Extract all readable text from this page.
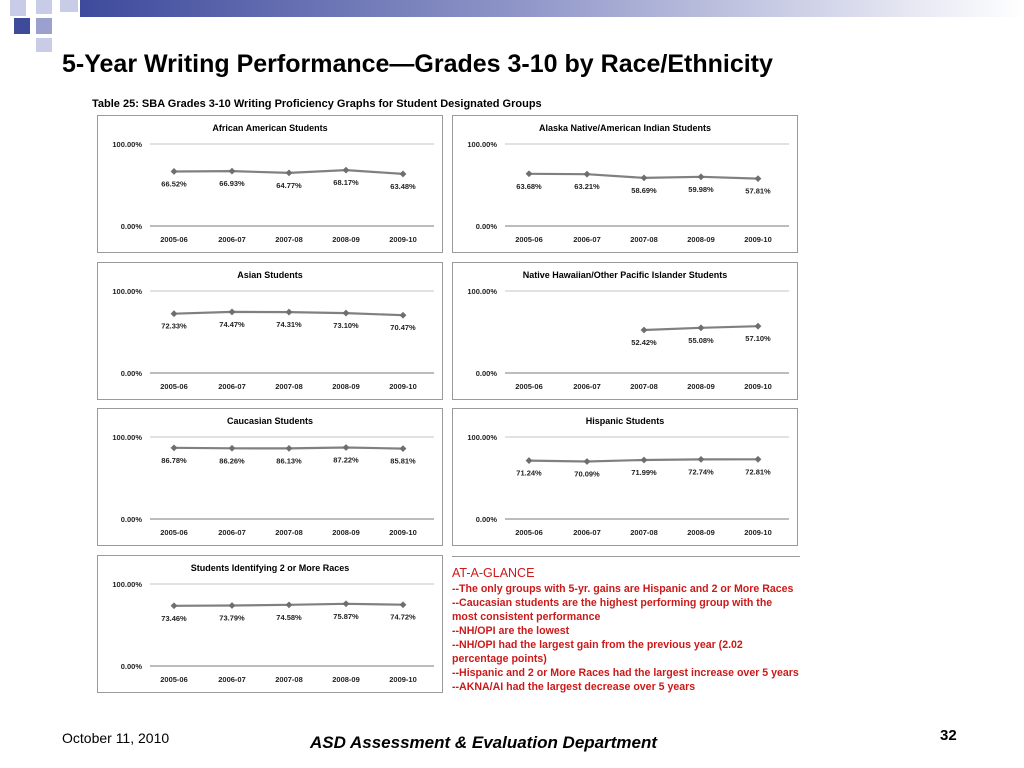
5-Year Writing Performance—Grades 3-10 by Race/Ethnicity
Table 25: SBA Grades 3-10 Writing Proficiency Graphs for Student Designated Groups
African American Students
100.00%
0.00%
2005-06	2006-07	2007-08	2008-09	2009-10
66.52%	66.93%	64.77%	68.17%	63.48%
Alaska Native/American Indian Students
100.00%
0.00%
2005-06	2006-07	2007-08	2008-09	2009-10
63.68%	63.21%	58.69%	59.98%	57.81%
Asian Students
100.00%
0.00%
2005-06	2006-07	2007-08	2008-09	2009-10
72.33%	74.47%	74.31%	73.10%	70.47%
Native Hawaiian/Other Pacific Islander Students
100.00%
0.00%
2005-06	2006-07	2007-08	2008-09	2009-10
52.42%	55.08%	57.10%
Caucasian Students
100.00%
0.00%
2005-06	2006-07	2007-08	2008-09	2009-10
86.78%	86.26%	86.13%	87.22%	85.81%
Hispanic Students
100.00%
0.00%
2005-06	2006-07	2007-08	2008-09	2009-10
71.24%	70.09%	71.99%	72.74%	72.81%
Students Identifying 2 or More Races
100.00%
0.00%
2005-06	2006-07	2007-08	2008-09	2009-10
73.46%	73.79%	74.58%	75.87%	74.72%
AT-A-GLANCE
--The only groups with 5-yr. gains are Hispanic and 2 or More Races
--Caucasian students are the highest performing group with the most consistent performance
--NH/OPI are the lowest
--NH/OPI had the largest gain from the previous year (2.02 percentage points)
--Hispanic and 2 or More Races had the largest increase over 5 years
--AKNA/AI had the largest decrease over 5 years
October 11, 2010	ASD Assessment & Evaluation Department	32
